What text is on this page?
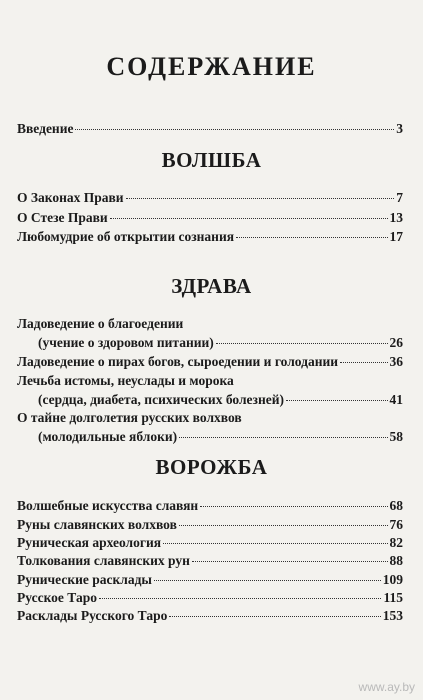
СОДЕРЖАНИЕ
Введение	3
ВОЛШБА
О Законах Прави	7
О Стезе Прави	13
Любомудрие об открытии сознания	17
ЗДРАВА
Ладоведение о благоедении
(учение о здоровом питании)	26
Ладоведение о пирах богов, сыроедении и голодании	36
Лечьба истомы, неуслады и морока
(сердца, диабета, психических болезней)	41
О тайне долголетия русских волхвов
(молодильные яблоки)	58
ВОРОЖБА
Волшебные искусства славян	68
Руны славянских волхвов	76
Руническая археология	82
Толкования славянских рун	88
Рунические расклады	109
Русское Таро	115
Расклады Русского Таро	153
www.ay.by
